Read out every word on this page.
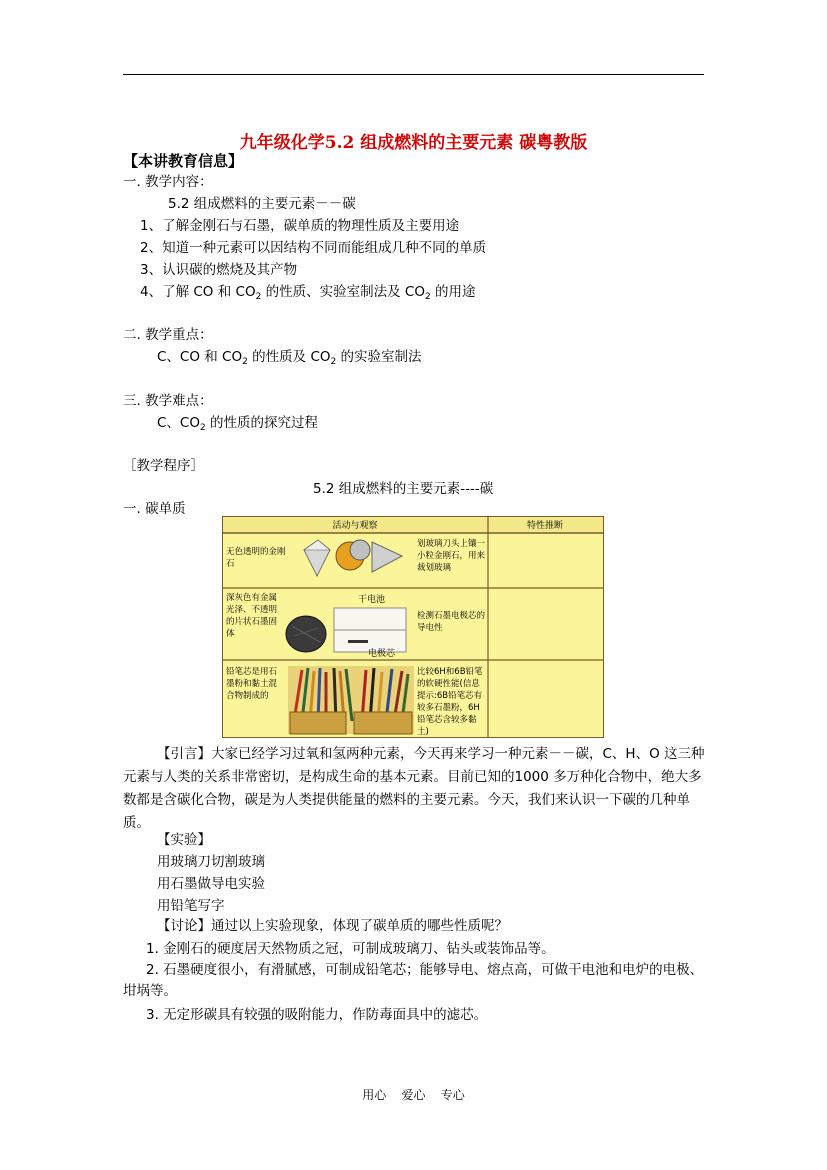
九年级化学5.2 组成燃料的主要元素 碳粤教版
【本讲教育信息】
一. 教学内容：
5.2 组成燃料的主要元素－－碳
1、了解金刚石与石墨，碳单质的物理性质及主要用途
2、知道一种元素可以因结构不同而能组成几种不同的单质
3、认识碳的燃烧及其产物
4、了解 CO 和 $CO_2$ 的性质、实验室制法及 $CO_2$ 的用途
二. 教学重点：
C、CO 和 $CO_2$ 的性质及 $CO_2$ 的实验室制法
三. 教学难点：
C、$CO_2$ 的性质的探究过程
［教学程序］
5.2 组成燃料的主要元素----碳
一. 碳单质
活动与观察	特性推断
无色透明的金刚石
划玻璃刀头上镶一小粒金刚石，用来裁划玻璃
深灰色有金属光泽、不透明的片状石墨固体
干电池
电极芯
检测石墨电极芯的导电性
铅笔芯是用石墨粉和黏土混合物制成的
比较6H和6B铅笔的软硬性能(信息提示:6B铅笔芯有较多石墨粉，6H铅笔芯含较多黏土)
【引言】大家已经学习过氧和氢两种元素，今天再来学习一种元素－－碳，C、H、O 这三种元素与人类的关系非常密切，是构成生命的基本元素。目前已知的1000 多万种化合物中，绝大多数都是含碳化合物，碳是为人类提供能量的燃料的主要元素。今天，我们来认识一下碳的几种单质。
【实验】
用玻璃刀切割玻璃
用石墨做导电实验
用铅笔写字
【讨论】通过以上实验现象，体现了碳单质的哪些性质呢？
1. 金刚石的硬度居天然物质之冠，可制成玻璃刀、钻头或装饰品等。
2. 石墨硬度很小，有滑腻感，可制成铅笔芯；能够导电、熔点高，可做干电池和电炉的电极、坩埚等。
3. 无定形碳具有较强的吸附能力，作防毒面具中的滤芯。
用心    爱心    专心
